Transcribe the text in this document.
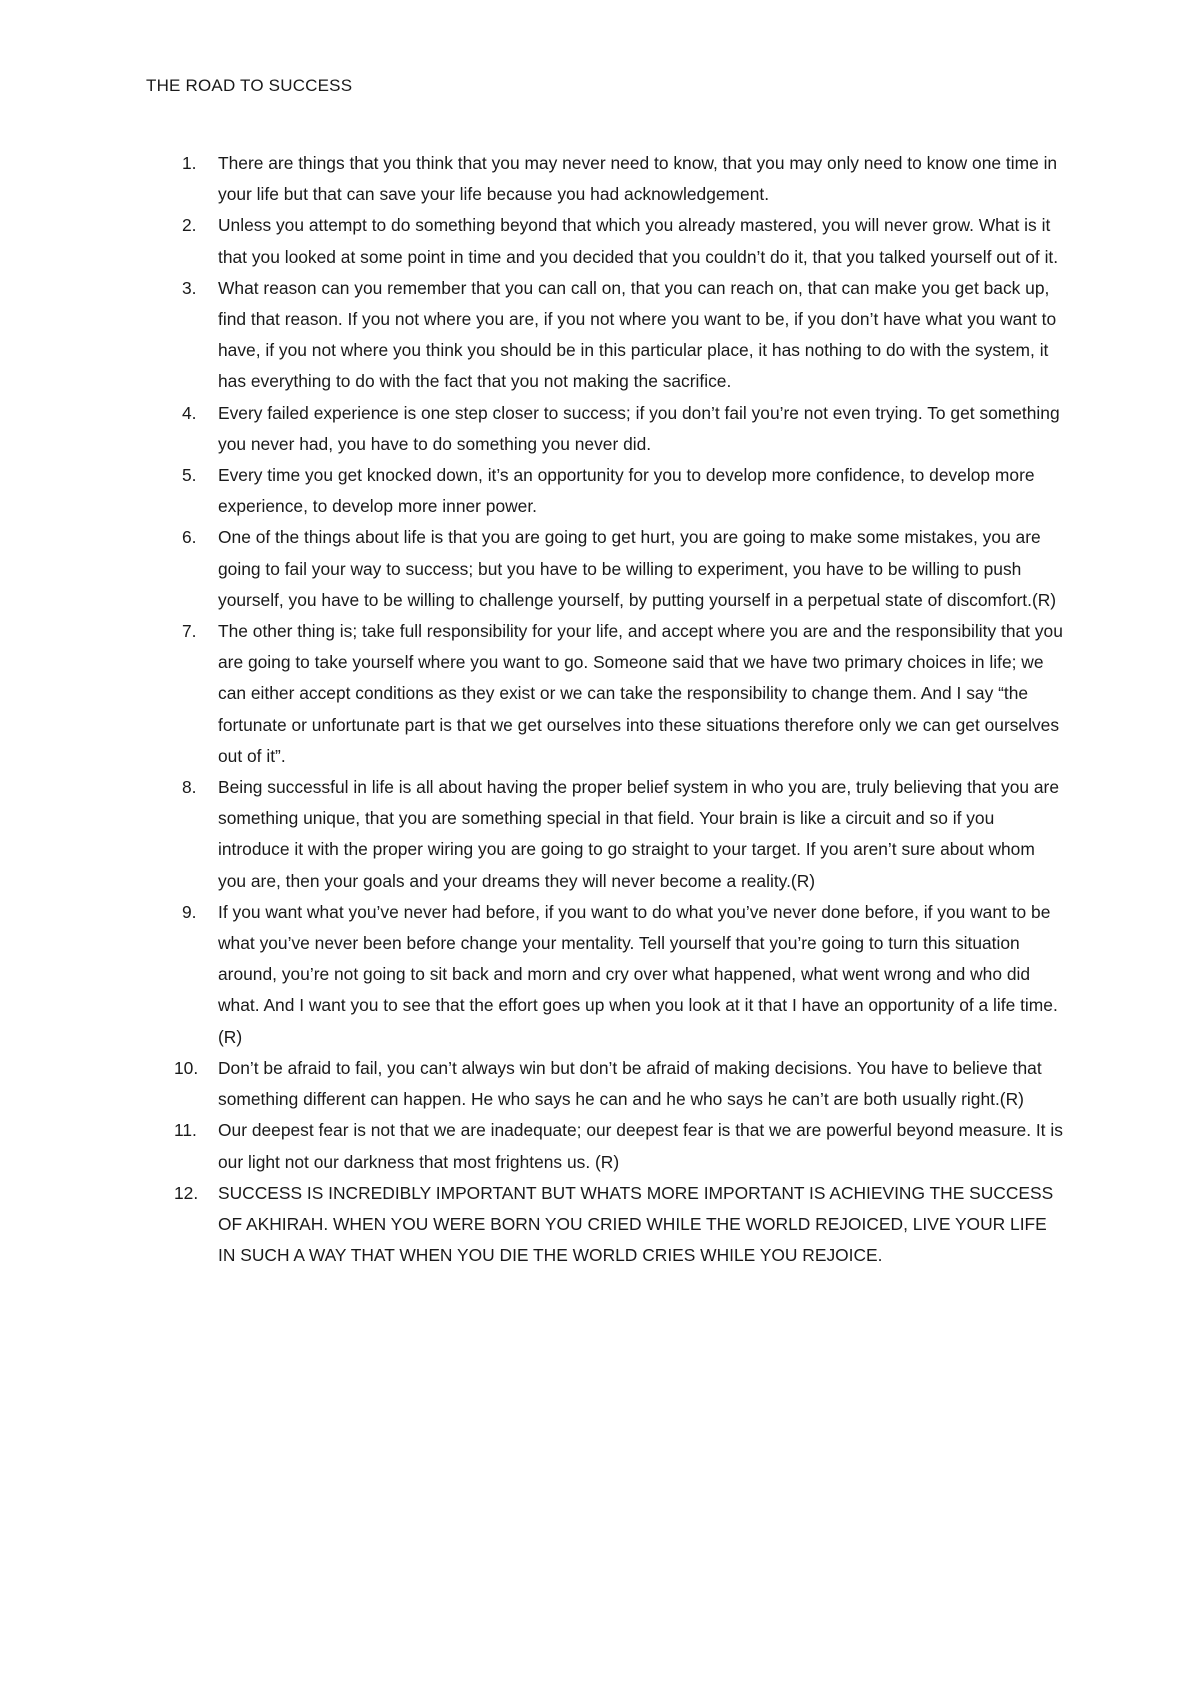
THE ROAD TO SUCCESS
1.	There are things that you think that you may never need to know, that you may only need to know one time in your life but that can save your life because you had acknowledgement.
2.	Unless you attempt to do something beyond that which you already mastered, you will never grow. What is it that you looked at some point in time and you decided that you couldn’t do it, that you talked yourself out of it.
3.	What reason can you remember that you can call on, that you can reach on, that can make you get back up, find that reason. If you not where you are, if you not where you want to be, if you don’t have what you want to have, if you not where you think you should be in this particular place, it has nothing to do with the system, it has everything to do with the fact that you not making the sacrifice.
4.	Every failed experience is one step closer to success; if you don’t fail you’re not even trying. To get something you never had, you have to do something you never did.
5.	Every time you get knocked down, it’s an opportunity for you to develop more confidence, to develop more experience, to develop more inner power.
6.	One of the things about life is that you are going to get hurt, you are going to make some mistakes, you are going to fail your way to success; but you have to be willing to experiment, you have to be willing to push yourself, you have to be willing to challenge yourself, by putting yourself in a perpetual state of discomfort.(R)
7.	The other thing is; take full responsibility for your life, and accept where you are and the responsibility that you are going to take yourself where you want to go. Someone said that we have two primary choices in life; we can either accept conditions as they exist or we can take the responsibility to change them. And I say “the fortunate or unfortunate part is that we get ourselves into these situations therefore only we can get ourselves out of it”.
8.	Being successful in life is all about having the proper belief system in who you are, truly believing that you are something unique, that you are something special in that field. Your brain is like a circuit and so if you introduce it with the proper wiring you are going to go straight to your target. If you aren’t sure about whom you are, then your goals and your dreams they will never become a reality.(R)
9.	If you want what you’ve never had before, if you want to do what you’ve never done before, if you want to be what you’ve never been before change your mentality. Tell yourself that you’re going to turn this situation around, you’re not going to sit back and morn and cry over what happened, what went wrong and who did what. And I want you to see that the effort goes up when you look at it that I have an opportunity of a life time.(R)
10.	Don’t be afraid to fail, you can’t always win but don’t be afraid of making decisions. You have to believe that something different can happen. He who says he can and he who says he can’t are both usually right.(R)
11.	Our deepest fear is not that we are inadequate; our deepest fear is that we are powerful beyond measure. It is our light not our darkness that most frightens us. (R)
12.	SUCCESS IS INCREDIBLY IMPORTANT BUT WHATS MORE IMPORTANT IS ACHIEVING THE SUCCESS OF AKHIRAH. WHEN YOU WERE BORN YOU CRIED WHILE THE WORLD REJOICED, LIVE YOUR LIFE IN SUCH A WAY THAT WHEN YOU DIE THE WORLD CRIES WHILE YOU REJOICE.
